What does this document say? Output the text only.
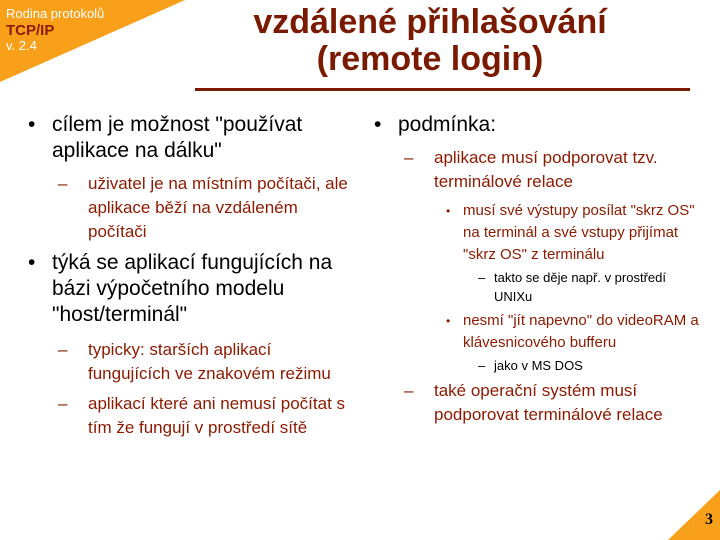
Rodina protokolů
TCP/IP
v. 2.4
vzdálené přihlašování
(remote login)
• cílem je možnost "používat aplikace na dálku"
– uživatel je na místním počítači, ale aplikace běží na vzdáleném počítači
• týká se aplikací fungujících na bázi výpočetního modelu "host/terminál"
– typicky: starších aplikací fungujících ve znakovém režimu
– aplikací které ani nemusí počítat s tím že fungují v prostředí sítě
• podmínka:
– aplikace musí podporovat tzv. terminálové relace
• musí své výstupy posílat "skrz OS" na terminál a své vstupy přijímat "skrz OS" z terminálu
– takto se děje např. v prostředí UNIXu
• nesmí "jít napevno" do videoRAM a klávesnicového bufferu
– jako v MS DOS
– také operační systém musí podporovat terminálové relace
3
